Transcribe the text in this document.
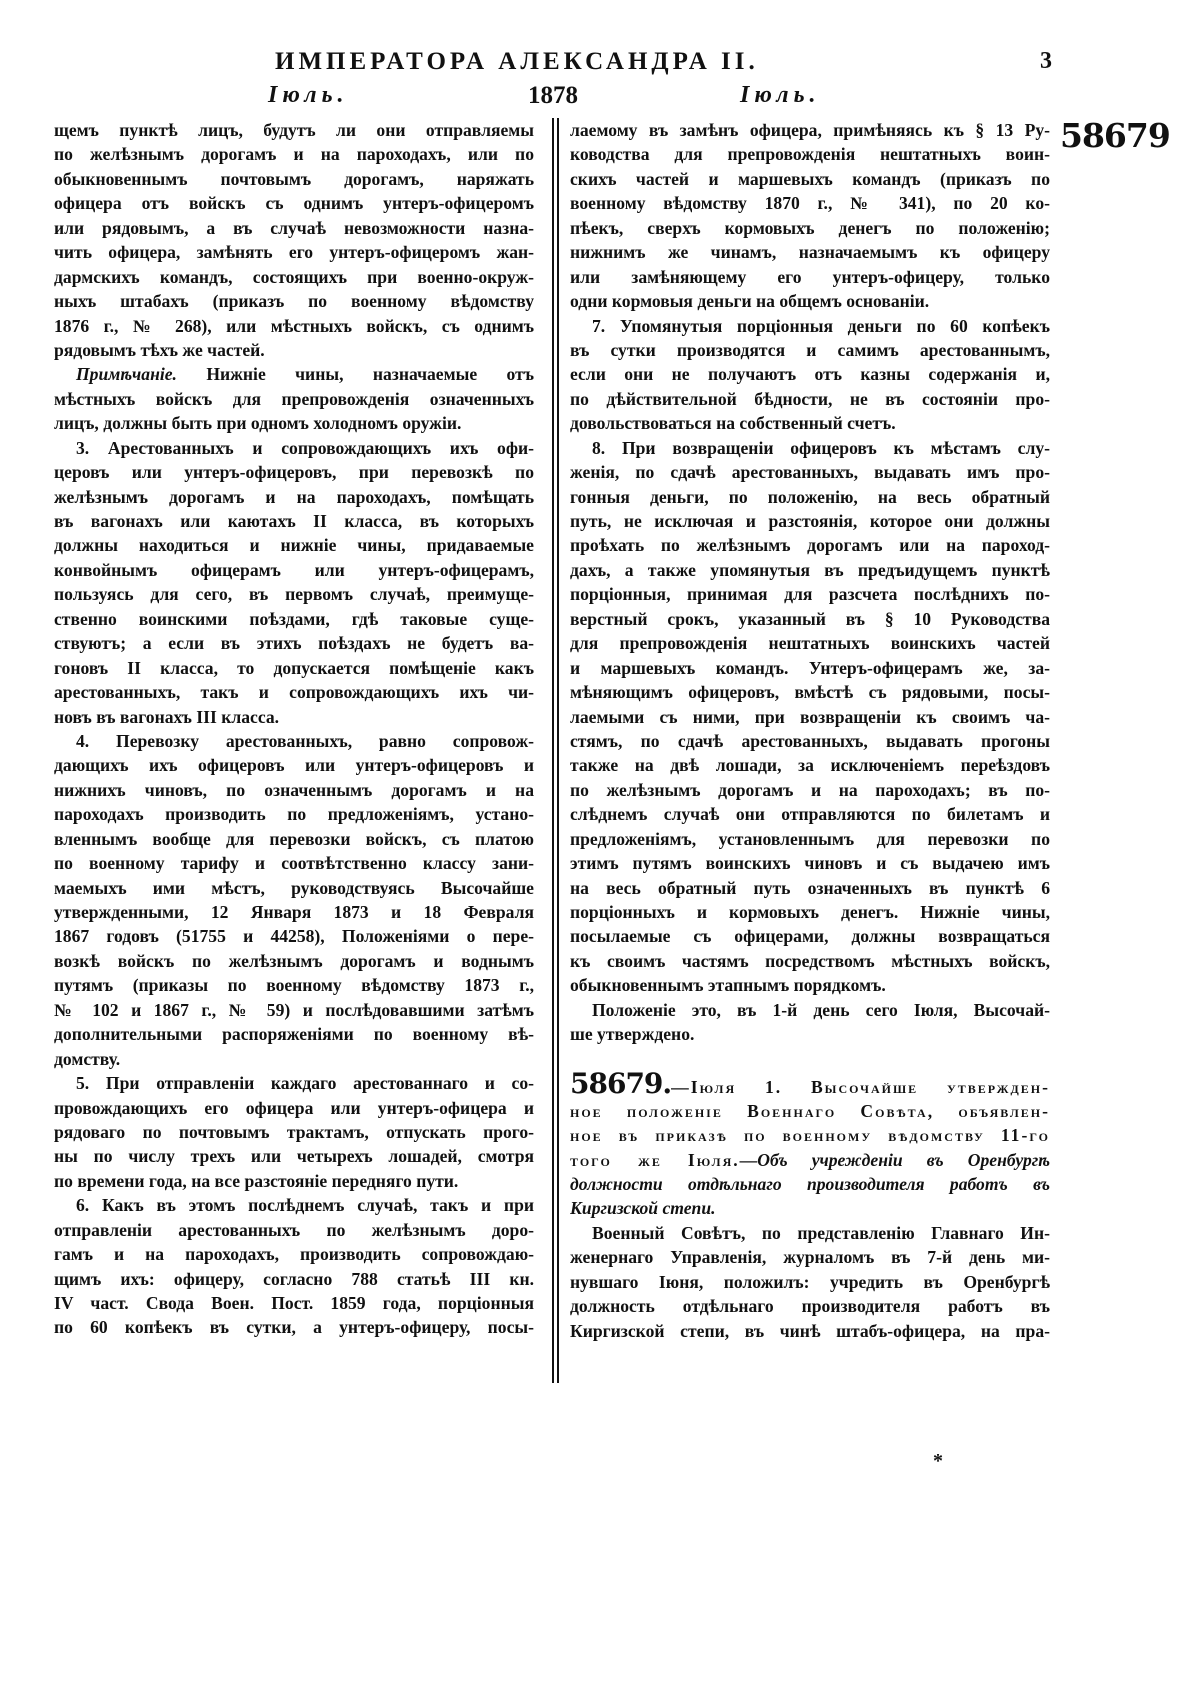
ИМПЕРАТОРА АЛЕКСАНДРА II.	3
Іюль.	1878	Іюль.
58679
щемъ пунктѣ лицъ, будутъ ли они отправляемы
по желѣзнымъ дорогамъ и на пароходахъ, или по
обыкновеннымъ почтовымъ дорогамъ, наряжать
офицера отъ войскъ съ однимъ унтеръ-офицеромъ
или рядовымъ, а въ случаѣ невозможности назна-
чить офицера, замѣнять его унтеръ-офицеромъ жан-
дармскихъ командъ, состоящихъ при военно-окруж-
ныхъ штабахъ (приказъ по военному вѣдомству
1876 г., № 268), или мѣстныхъ войскъ, съ однимъ
рядовымъ тѣхъ же частей.
Примѣчаніе. Нижніе чины, назначаемые отъ
мѣстныхъ войскъ для препровожденія означенныхъ
лицъ, должны быть при одномъ холодномъ оружіи.
3. Арестованныхъ и сопровождающихъ ихъ офи-
церовъ или унтеръ-офицеровъ, при перевозкѣ по
желѣзнымъ дорогамъ и на пароходахъ, помѣщать
въ вагонахъ или каютахъ II класса, въ которыхъ
должны находиться и нижніе чины, придаваемые
конвойнымъ офицерамъ или унтеръ-офицерамъ,
пользуясь для сего, въ первомъ случаѣ, преимуще-
ственно воинскими поѣздами, гдѣ таковые суще-
ствуютъ; а если въ этихъ поѣздахъ не будетъ ва-
гоновъ II класса, то допускается помѣщеніе какъ
арестованныхъ, такъ и сопровождающихъ ихъ чи-
новъ въ вагонахъ III класса.
4. Перевозку арестованныхъ, равно сопровож-
дающихъ ихъ офицеровъ или унтеръ-офицеровъ и
нижнихъ чиновъ, по означеннымъ дорогамъ и на
пароходахъ производить по предложеніямъ, устано-
вленнымъ вообще для перевозки войскъ, съ платою
по военному тарифу и соотвѣтственно классу зани-
маемыхъ ими мѣстъ, руководствуясь Высочайше
утвержденными, 12 Января 1873 и 18 Февраля
1867 годовъ (51755 и 44258), Положеніями о пере-
возкѣ войскъ по желѣзнымъ дорогамъ и воднымъ
путямъ (приказы по военному вѣдомству 1873 г.,
№ 102 и 1867 г., № 59) и послѣдовавшими затѣмъ
дополнительными распоряженіями по военному вѣ-
домству.
5. При отправленіи каждаго арестованнаго и со-
провождающихъ его офицера или унтеръ-офицера и
рядоваго по почтовымъ трактамъ, отпускать прого-
ны по числу трехъ или четырехъ лошадей, смотря
по времени года, на все разстояніе передняго пути.
6. Какъ въ этомъ послѣднемъ случаѣ, такъ и при
отправленіи арестованныхъ по желѣзнымъ доро-
гамъ и на пароходахъ, производить сопровождаю-
щимъ ихъ: офицеру, согласно 788 статьѣ III кн.
IV част. Свода Воен. Пост. 1859 года, порціонныя
по 60 копѣекъ въ сутки, а унтеръ-офицеру, посы-
лаемому въ замѣнъ офицера, примѣняясь къ § 13 Ру-
ководства для препровожденія нештатныхъ воин-
скихъ частей и маршевыхъ командъ (приказъ по
военному вѣдомству 1870 г., № 341), по 20 ко-
пѣекъ, сверхъ кормовыхъ денегъ по положенію;
нижнимъ же чинамъ, назначаемымъ къ офицеру
или замѣняющему его унтеръ-офицеру, только
одни кормовыя деньги на общемъ основаніи.
7. Упомянутыя порціонныя деньги по 60 копѣекъ
въ сутки производятся и самимъ арестованнымъ,
если они не получаютъ отъ казны содержанія и,
по дѣйствительной бѣдности, не въ состояніи про-
довольствоваться на собственный счетъ.
8. При возвращеніи офицеровъ къ мѣстамъ слу-
женія, по сдачѣ арестованныхъ, выдавать имъ про-
гонныя деньги, по положенію, на весь обратный
путь, не исключая и разстоянія, которое они должны
проѣхать по желѣзнымъ дорогамъ или на пароход-
дахъ, а также упомянутыя въ предъидущемъ пунктѣ
порціонныя, принимая для разсчета послѣднихъ по-
верстный срокъ, указанный въ § 10 Руководства
для препровожденія нештатныхъ воинскихъ частей
и маршевыхъ командъ. Унтеръ-офицерамъ же, за-
мѣняющимъ офицеровъ, вмѣстѣ съ рядовыми, посы-
лаемыми съ ними, при возвращеніи къ своимъ ча-
стямъ, по сдачѣ арестованныхъ, выдавать прогоны
также на двѣ лошади, за исключеніемъ переѣздовъ
по желѣзнымъ дорогамъ и на пароходахъ; въ по-
слѣднемъ случаѣ они отправляются по билетамъ и
предложеніямъ, установленнымъ для перевозки по
этимъ путямъ воинскихъ чиновъ и съ выдачею имъ
на весь обратный путь означенныхъ въ пунктѣ 6
порціонныхъ и кормовыхъ денегъ. Нижніе чины,
посылаемые съ офицерами, должны возвращаться
къ своимъ частямъ посредствомъ мѣстныхъ войскъ,
обыкновеннымъ этапнымъ порядкомъ.
Положеніе это, въ 1-й день сего Іюля, Высочай-
ше утверждено.
58679.—Іюля 1. Высочайше утвержден-
ное положеніе Военнаго Совѣта, объявлен-
ное въ приказѣ по военному вѣдомству 11-го
того же Іюля.—Объ учрежденіи въ Оренбургѣ
должности отдѣльнаго производителя работъ въ
Киргизской степи.
Военный Совѣтъ, по представленію Главнаго Ин-
женернаго Управленія, журналомъ въ 7-й день ми-
нувшаго Іюня, положилъ: учредить въ Оренбургѣ
должность отдѣльнаго производителя работъ въ
Киргизской степи, въ чинѣ штабъ-офицера, на пра-
*
